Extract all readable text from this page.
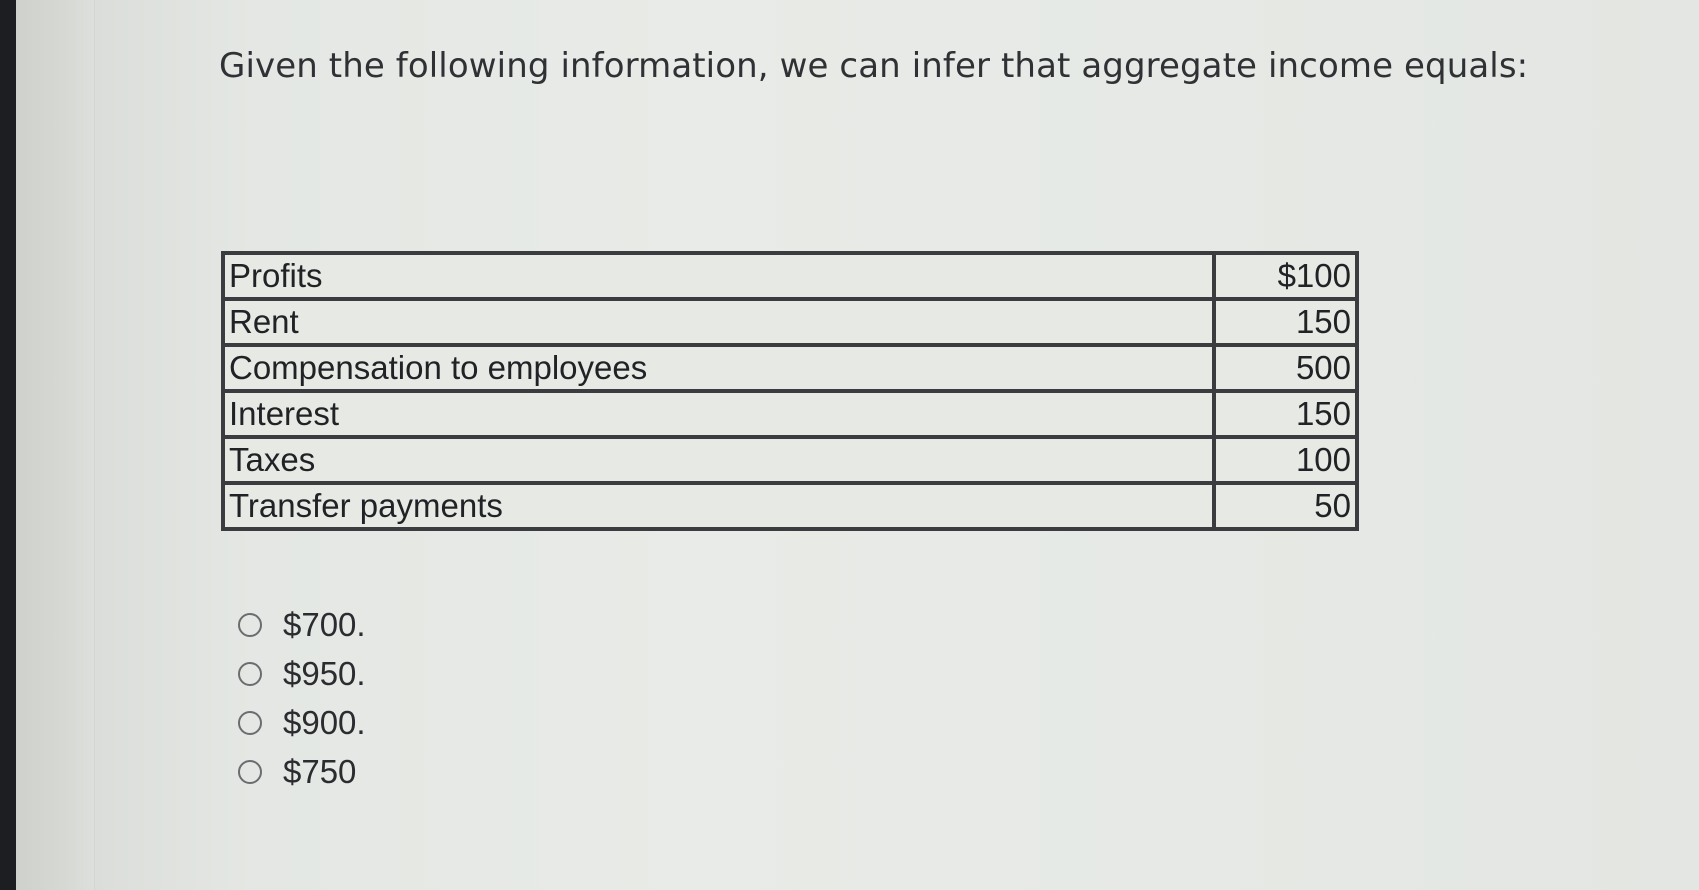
Given the following information, we can infer that aggregate income equals:
Profits	$100
Rent	150
Compensation to employees	500
Interest	150
Taxes	100
Transfer payments	50
$700.
$950.
$900.
$750
